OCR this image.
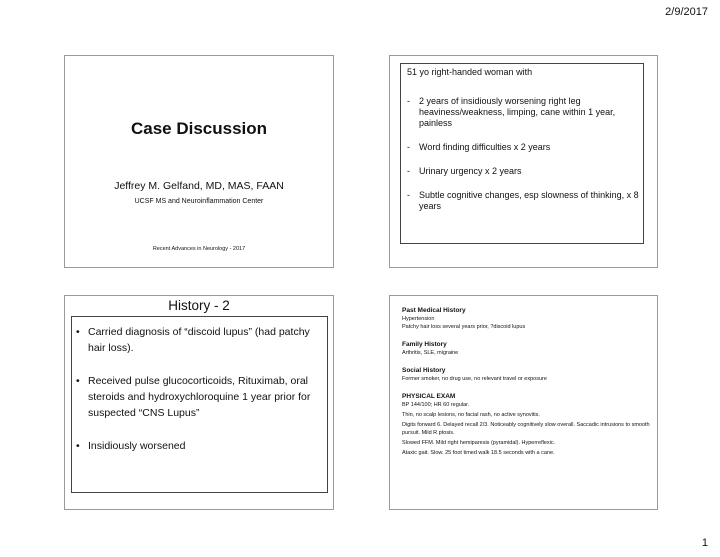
2/9/2017
Case Discussion
Jeffrey M. Gelfand, MD, MAS, FAAN
UCSF MS and Neuroinflammation Center
Recent Advances in Neurology - 2017
51 yo right-handed woman with
- 2 years of insidiously worsening right leg heaviness/weakness, limping, cane within 1 year, painless
- Word finding difficulties x 2 years
- Urinary urgency x 2 years
- Subtle cognitive changes, esp slowness of thinking, x 8 years
History - 2
• Carried diagnosis of “discoid lupus” (had patchy hair loss).
• Received pulse glucocorticoids, Rituximab, oral steroids and hydroxychloroquine 1 year prior for suspected “CNS Lupus”
• Insidiously worsened
Past Medical History
Hypertension
Patchy hair loss several years prior, ?discoid lupus
Family History
Arthritis, SLE, migraine
Social History
Former smoker, no drug use, no relevant travel or exposure
PHYSICAL EXAM
BP 144/100; HR 60 regular.
Thin, no scalp lesions, no facial rash, no active synovitis.
Digits forward 6. Delayed recall 2/3. Noticeably cognitively slow overall. Saccadic intrusions to smooth pursuit. Mild R ptosis.
Slowed FFM. Mild right hemiparesis (pyramidal). Hyperreflexic.
Ataxic gait. Slow. 25 foot timed walk 18.5 seconds with a cane.
1
